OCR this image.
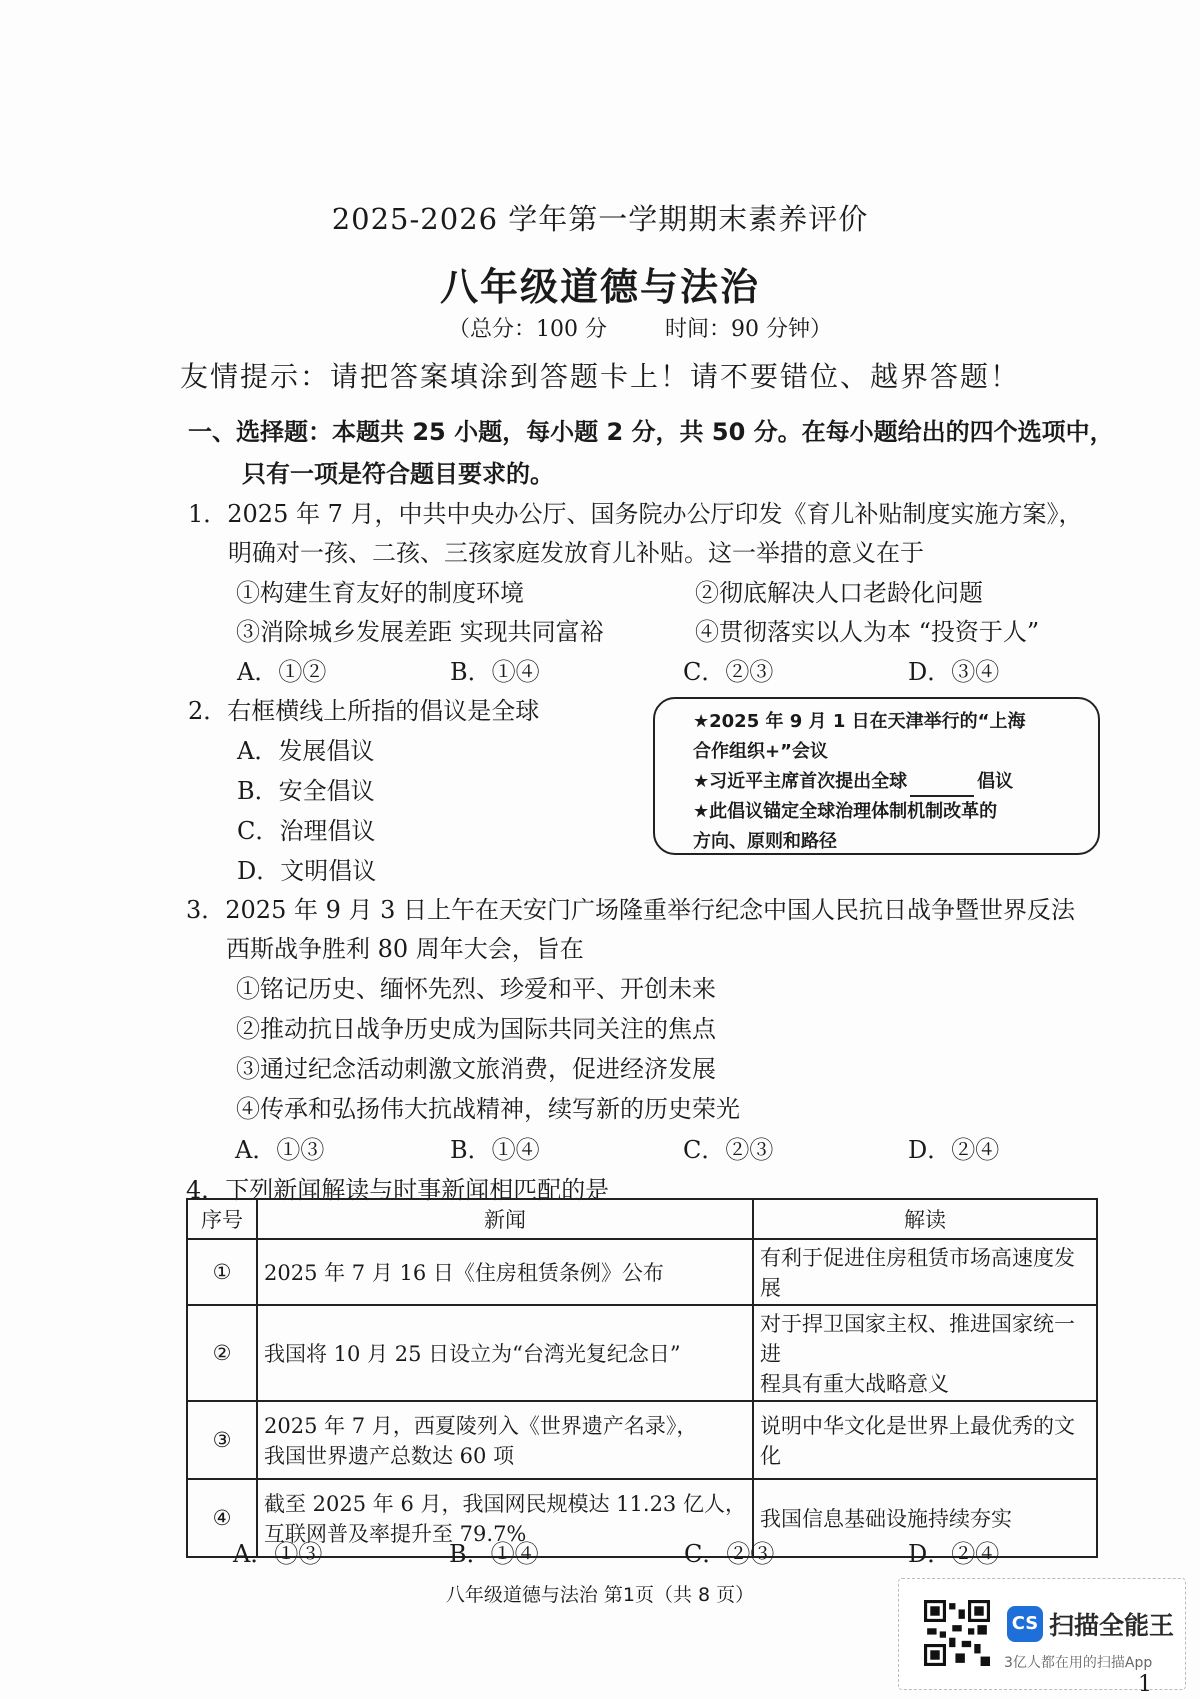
2025-2026 学年第一学期期末素养评价
八年级道德与法治
（总分：100 分	时间：90 分钟）
友情提示：请把答案填涂到答题卡上！请不要错位、越界答题！
一、选择题：本题共 25 小题，每小题 2 分，共 50 分。在每小题给出的四个选项中，
只有一项是符合题目要求的。
1．2025 年 7 月，中共中央办公厅、国务院办公厅印发《育儿补贴制度实施方案》，
明确对一孩、二孩、三孩家庭发放育儿补贴。这一举措的意义在于
①构建生育友好的制度环境	②彻底解决人口老龄化问题
③消除城乡发展差距 实现共同富裕	④贯彻落实以人为本 “投资于人”
A．①②	B．①④	C．②③	D．③④
2．右框横线上所指的倡议是全球
A．发展倡议
B．安全倡议
C．治理倡议
D．文明倡议
★2025 年 9 月 1 日在天津举行的“上海
合作组织+”会议
★习近平主席首次提出全球	倡议
★此倡议锚定全球治理体制机制改革的
方向、原则和路径
3．2025 年 9 月 3 日上午在天安门广场隆重举行纪念中国人民抗日战争暨世界反法
西斯战争胜利 80 周年大会，旨在
①铭记历史、缅怀先烈、珍爱和平、开创未来
②推动抗日战争历史成为国际共同关注的焦点
③通过纪念活动刺激文旅消费，促进经济发展
④传承和弘扬伟大抗战精神，续写新的历史荣光
A．①③	B．①④	C．②③	D．②④
4．下列新闻解读与时事新闻相匹配的是
序号	新闻	解读
①	2025 年 7 月 16 日《住房租赁条例》公布	有利于促进住房租赁市场高速度发展
②	我国将 10 月 25 日设立为“台湾光复纪念日”	对于捍卫国家主权、推进国家统一进
程具有重大战略意义

③	2025 年 7 月，西夏陵列入《世界遗产名录》，
我国世界遗产总数达 60 项	说明中华文化是世界上最优秀的文化
④	截至 2025 年 6 月，我国网民规模达 11.23 亿人，
互联网普及率提升至 79.7%	我国信息基础设施持续夯实
A．①③	B．①④	C．②③	D．②④
八年级道德与法治 第1页（共 8 页）
CS 扫描全能王
3亿人都在用的扫描App
1
